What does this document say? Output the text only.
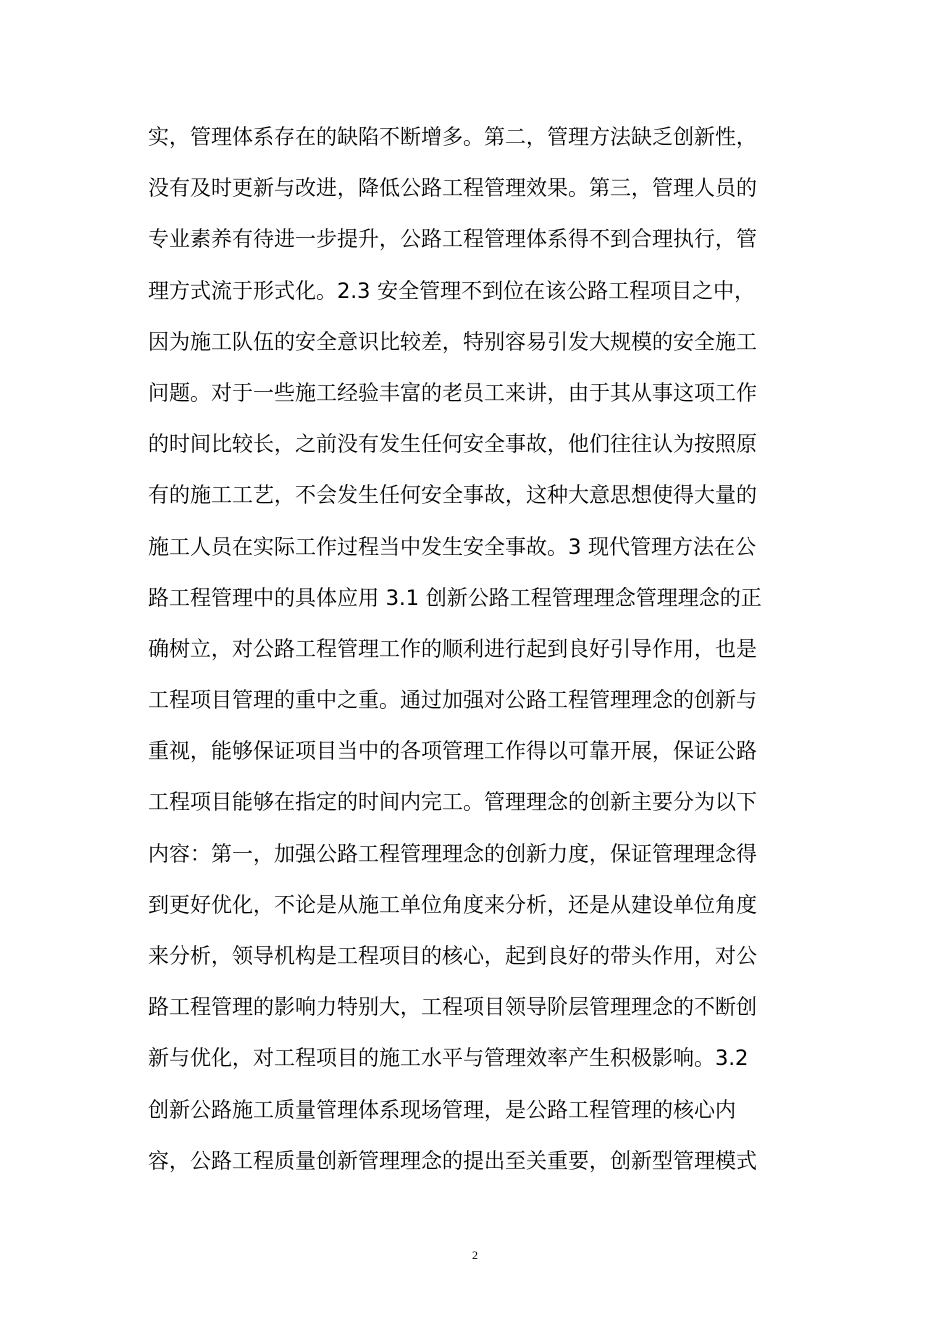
实，管理体系存在的缺陷不断增多。第二，管理方法缺乏创新性，
没有及时更新与改进，降低公路工程管理效果。第三，管理人员的
专业素养有待进一步提升，公路工程管理体系得不到合理执行，管
理方式流于形式化。2.3 安全管理不到位在该公路工程项目之中，
因为施工队伍的安全意识比较差，特别容易引发大规模的安全施工
问题。对于一些施工经验丰富的老员工来讲，由于其从事这项工作
的时间比较长，之前没有发生任何安全事故，他们往往认为按照原
有的施工工艺，不会发生任何安全事故，这种大意思想使得大量的
施工人员在实际工作过程当中发生安全事故。3 现代管理方法在公
路工程管理中的具体应用 3.1 创新公路工程管理理念管理理念的正
确树立，对公路工程管理工作的顺利进行起到良好引导作用，也是
工程项目管理的重中之重。通过加强对公路工程管理理念的创新与
重视，能够保证项目当中的各项管理工作得以可靠开展，保证公路
工程项目能够在指定的时间内完工。管理理念的创新主要分为以下
内容：第一，加强公路工程管理理念的创新力度，保证管理理念得
到更好优化，不论是从施工单位角度来分析，还是从建设单位角度
来分析，领导机构是工程项目的核心，起到良好的带头作用，对公
路工程管理的影响力特别大，工程项目领导阶层管理理念的不断创
新与优化，对工程项目的施工水平与管理效率产生积极影响。3.2
创新公路施工质量管理体系现场管理，是公路工程管理的核心内
容，公路工程质量创新管理理念的提出至关重要，创新型管理模式
2
